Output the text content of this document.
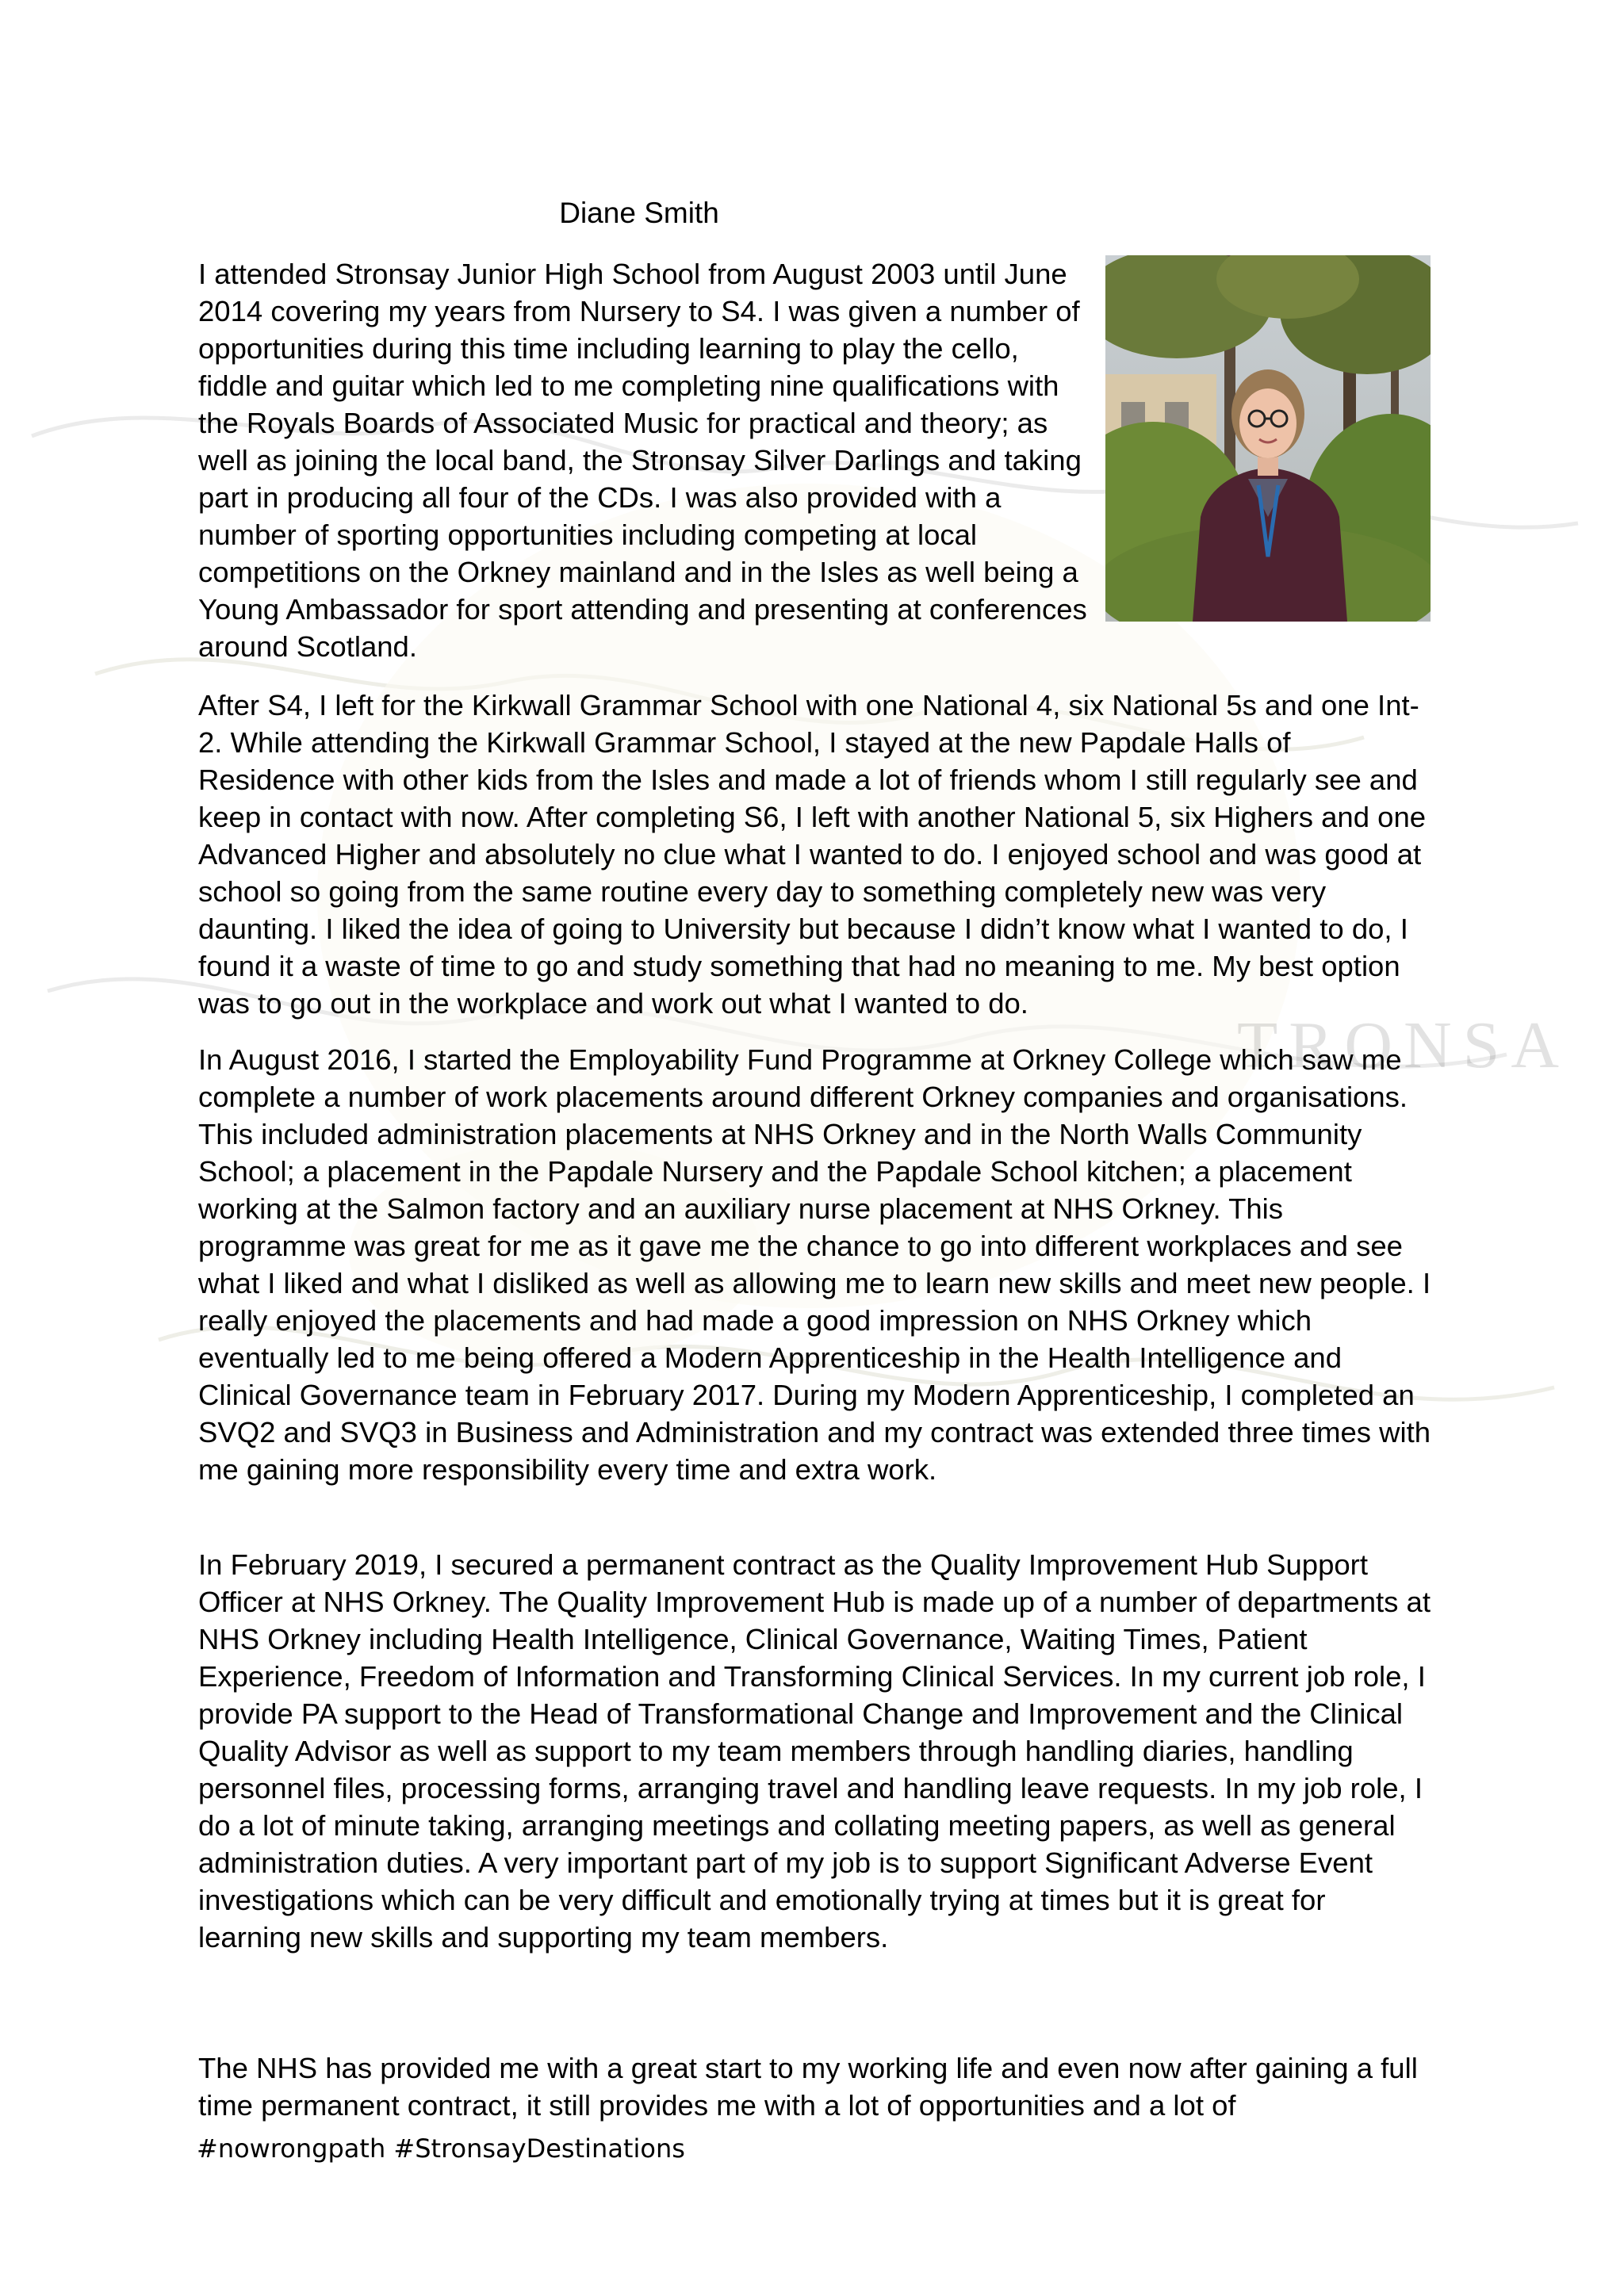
TRONSA
Diane Smith

I attended Stronsay Junior High School from August 2003 until June 2014 covering my years from Nursery to S4. I was given a number of opportunities during this time including learning to play the cello, fiddle and guitar which led to me completing nine qualifications with the Royals Boards of Associated Music for practical and theory; as well as joining the local band, the Stronsay Silver Darlings and taking part in producing all four of the CDs. I was also provided with a number of sporting opportunities including competing at local competitions on the Orkney mainland and in the Isles as well being a Young Ambassador for sport attending and presenting at conferences around Scotland.

After S4, I left for the Kirkwall Grammar School with one National 4, six National 5s and one Int-2. While attending the Kirkwall Grammar School, I stayed at the new Papdale Halls of Residence with other kids from the Isles and made a lot of friends whom I still regularly see and keep in contact with now. After completing S6, I left with another National 5, six Highers and one Advanced Higher and absolutely no clue what I wanted to do. I enjoyed school and was good at school so going from the same routine every day to something completely new was very daunting. I liked the idea of going to University but because I didn’t know what I wanted to do, I found it a waste of time to go and study something that had no meaning to me. My best option was to go out in the workplace and work out what I wanted to do.

In August 2016, I started the Employability Fund Programme at Orkney College which saw me complete a number of work placements around different Orkney companies and organisations. This included administration placements at NHS Orkney and in the North Walls Community School; a placement in the Papdale Nursery and the Papdale School kitchen; a placement working at the Salmon factory and an auxiliary nurse placement at NHS Orkney. This programme was great for me as it gave me the chance to go into different workplaces and see what I liked and what I disliked as well as allowing me to learn new skills and meet new people. I really enjoyed the placements and had made a good impression on NHS Orkney which eventually led to me being offered a Modern Apprenticeship in the Health Intelligence and Clinical Governance team in February 2017. During my Modern Apprenticeship, I completed an SVQ2 and SVQ3 in Business and Administration and my contract was extended three times with me gaining more responsibility every time and extra work.

In February 2019, I secured a permanent contract as the Quality Improvement Hub Support Officer at NHS Orkney. The Quality Improvement Hub is made up of a number of departments at NHS Orkney including Health Intelligence, Clinical Governance, Waiting Times, Patient Experience, Freedom of Information and Transforming Clinical Services. In my current job role, I provide PA support to the Head of Transformational Change and Improvement and the Clinical Quality Advisor as well as support to my team members through handling diaries, handling personnel files, processing forms, arranging travel and handling leave requests. In my job role, I do a lot of minute taking, arranging meetings and collating meeting papers, as well as general administration duties. A very important part of my job is to support Significant Adverse Event investigations which can be very difficult and emotionally trying at times but it is great for learning new skills and supporting my team members.

The NHS has provided me with a great start to my working life and even now after gaining a full time permanent contract, it still provides me with a lot of opportunities and a lot of

#nowrongpath #StronsayDestinations
